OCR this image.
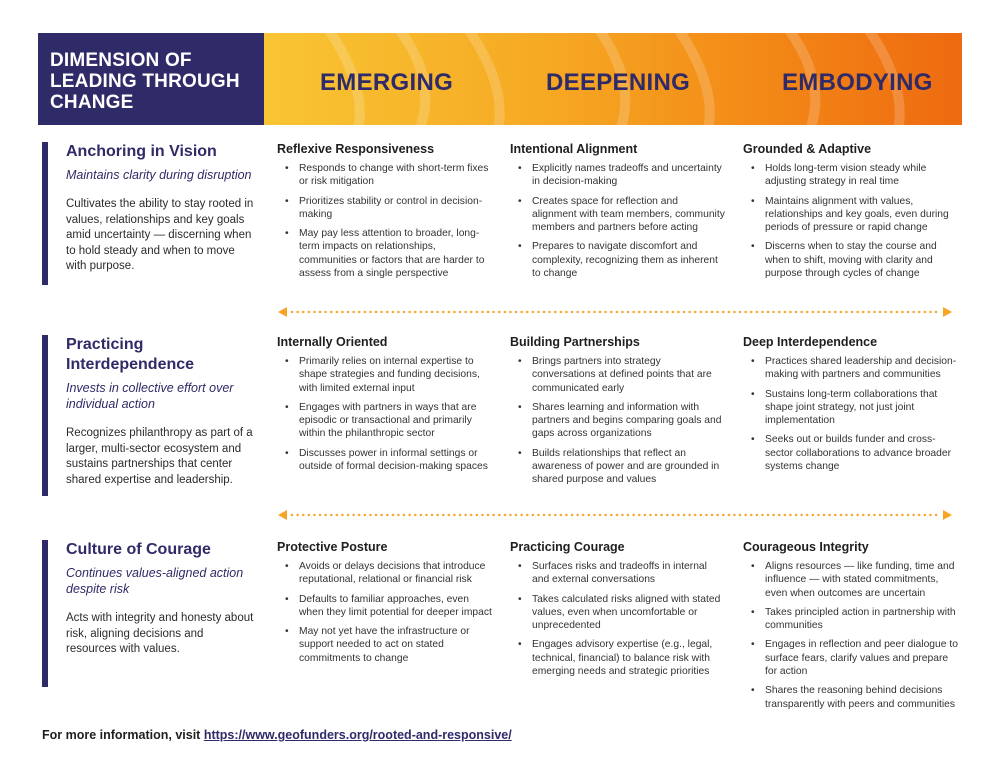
DIMENSION OF LEADING THROUGH CHANGE
EMERGING	DEEPENING	EMBODYING
Anchoring in Vision
Maintains clarity during disruption
Cultivates the ability to stay rooted in values, relationships and key goals amid uncertainty — discerning when to hold steady and when to move with purpose.
Reflexive Responsiveness
• Responds to change with short-term fixes or risk mitigation
• Prioritizes stability or control in decision-making
• May pay less attention to broader, long-term impacts on relationships, communities or factors that are harder to assess from a single perspective
Intentional Alignment
• Explicitly names tradeoffs and uncertainty in decision-making
• Creates space for reflection and alignment with team members, community members and partners before acting
• Prepares to navigate discomfort and complexity, recognizing them as inherent to change
Grounded & Adaptive
• Holds long-term vision steady while adjusting strategy in real time
• Maintains alignment with values, relationships and key goals, even during periods of pressure or rapid change
• Discerns when to stay the course and when to shift, moving with clarity and purpose through cycles of change
Practicing Interdependence
Invests in collective effort over individual action
Recognizes philanthropy as part of a larger, multi-sector ecosystem and sustains partnerships that center shared expertise and leadership.
Internally Oriented
• Primarily relies on internal expertise to shape strategies and funding decisions, with limited external input
• Engages with partners in ways that are episodic or transactional and primarily within the philanthropic sector
• Discusses power in informal settings or outside of formal decision-making spaces
Building Partnerships
• Brings partners into strategy conversations at defined points that are communicated early
• Shares learning and information with partners and begins comparing goals and gaps across organizations
• Builds relationships that reflect an awareness of power and are grounded in shared purpose and values
Deep Interdependence
• Practices shared leadership and decision-making with partners and communities
• Sustains long-term collaborations that shape joint strategy, not just joint implementation
• Seeks out or builds funder and cross-sector collaborations to advance broader systems change
Culture of Courage
Continues values-aligned action despite risk
Acts with integrity and honesty about risk, aligning decisions and resources with values.
Protective Posture
• Avoids or delays decisions that introduce reputational, relational or financial risk
• Defaults to familiar approaches, even when they limit potential for deeper impact
• May not yet have the infrastructure or support needed to act on stated commitments to change
Practicing Courage
• Surfaces risks and tradeoffs in internal and external conversations
• Takes calculated risks aligned with stated values, even when uncomfortable or unprecedented
• Engages advisory expertise (e.g., legal, technical, financial) to balance risk with emerging needs and strategic priorities
Courageous Integrity
• Aligns resources — like funding, time and influence — with stated commitments, even when outcomes are uncertain
• Takes principled action in partnership with communities
• Engages in reflection and peer dialogue to surface fears, clarify values and prepare for action
• Shares the reasoning behind decisions transparently with peers and communities
For more information, visit https://www.geofunders.org/rooted-and-responsive/
